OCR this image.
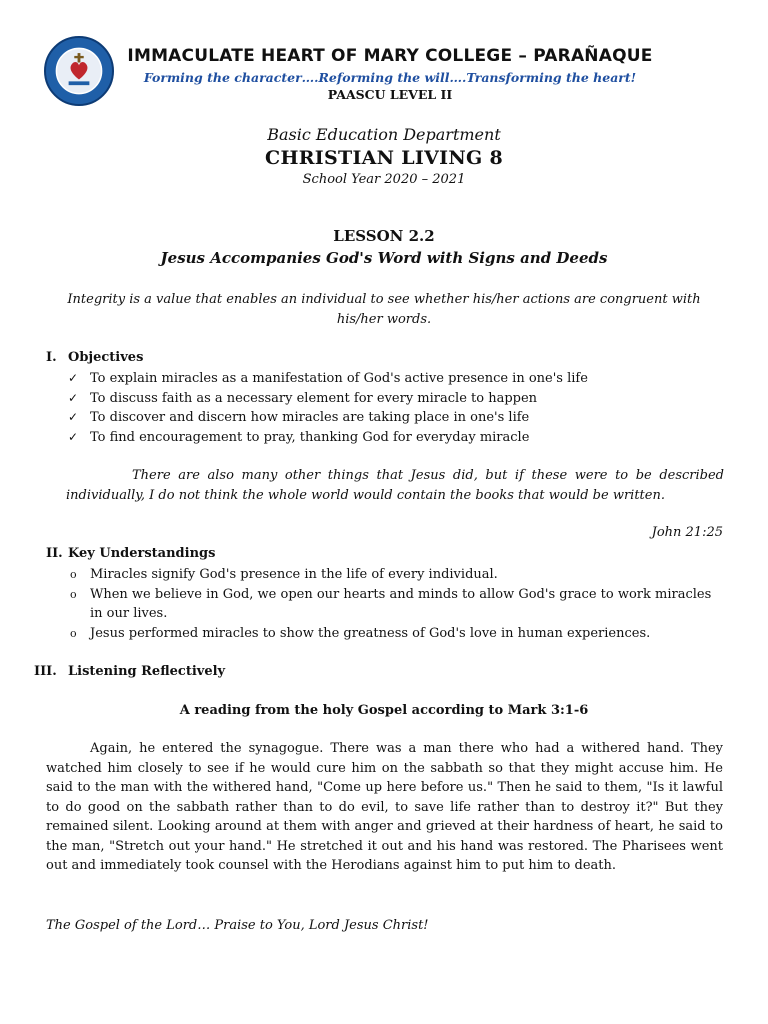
IMMACULATE HEART OF MARY COLLEGE – PARAÑAQUE
Forming the character….Reforming the will….Transforming the heart!
PAASCU LEVEL II
Basic Education Department
CHRISTIAN LIVING 8
School Year 2020 – 2021
LESSON 2.2
Jesus Accompanies God's Word with Signs and Deeds
Integrity is a value that enables an individual to see whether his/her actions are congruent with his/her words.
I. Objectives
✓ To explain miracles as a manifestation of God's active presence in one's life
✓ To discuss faith as a necessary element for every miracle to happen
✓ To discover and discern how miracles are taking place in one's life
✓ To find encouragement to pray, thanking God for everyday miracle
There are also many other things that Jesus did, but if these were to be described individually, I do not think the whole world would contain the books that would be written.
John 21:25
II. Key Understandings
o Miracles signify God's presence in the life of every individual.
o When we believe in God, we open our hearts and minds to allow God's grace to work miracles in our lives.
o Jesus performed miracles to show the greatness of God's love in human experiences.
III. Listening Reflectively
A reading from the holy Gospel according to Mark 3:1-6
Again, he entered the synagogue. There was a man there who had a withered hand. They watched him closely to see if he would cure him on the sabbath so that they might accuse him. He said to the man with the withered hand, "Come up here before us." Then he said to them, "Is it lawful to do good on the sabbath rather than to do evil, to save life rather than to destroy it?" But they remained silent. Looking around at them with anger and grieved at their hardness of heart, he said to the man, "Stretch out your hand." He stretched it out and his hand was restored. The Pharisees went out and immediately took counsel with the Herodians against him to put him to death.
The Gospel of the Lord… Praise to You, Lord Jesus Christ!
